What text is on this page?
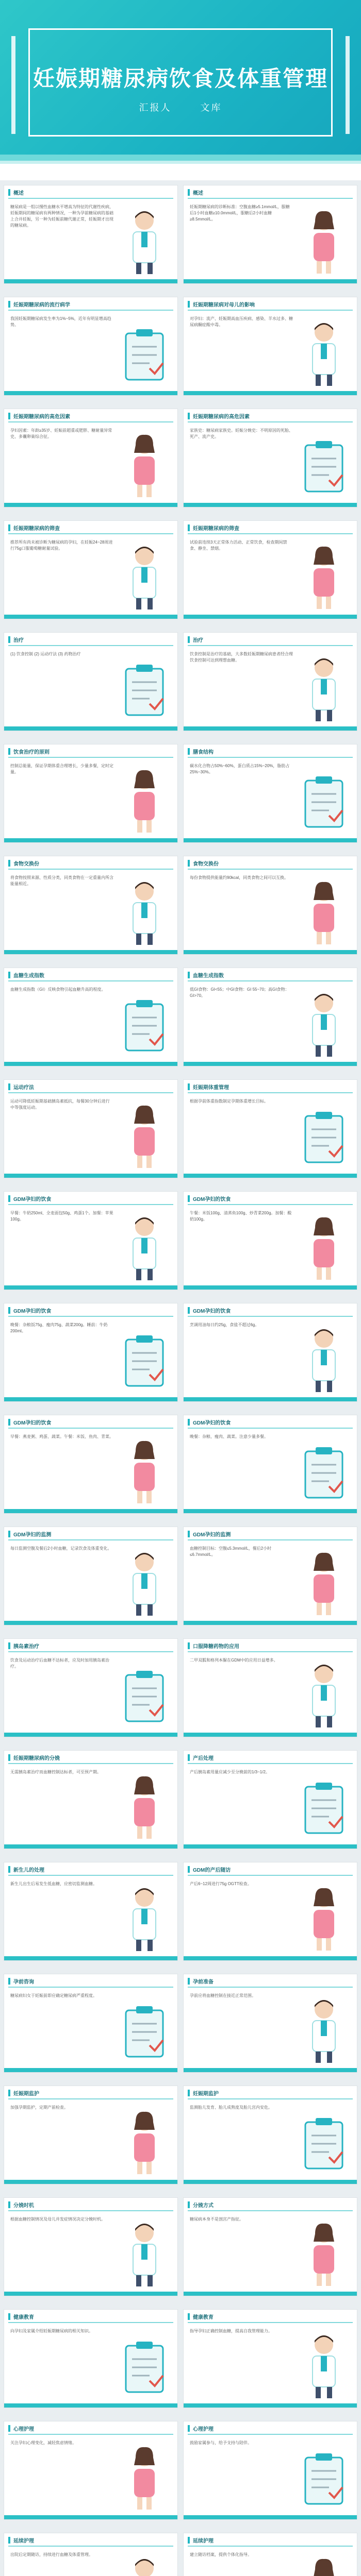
妊娠期糖尿病饮食及体重管理
汇报人	文库
概述

糖尿病是一组以慢性血糖水平增高为特征的代谢性疾病，妊娠期间的糖尿病有两种情况，一种为孕前糖尿病的基础上合并妊娠，另一种为妊娠前糖代谢正常，妊娠期才出现的糖尿病。

概述

妊娠期糖尿病的诊断标准：空腹血糖≥5.1mmol/L，服糖后1小时血糖≥10.0mmol/L，服糖后2小时血糖≥8.5mmol/L。

妊娠期糖尿病的流行病学

我国妊娠期糖尿病发生率为1%~5%，近年有明显增高趋势。

妊娠期糖尿病对母儿的影响

对孕妇：流产、妊娠期高血压疾病、感染、羊水过多、糖尿病酮症酸中毒。

妊娠期糖尿病的高危因素

孕妇因素：年龄≥35岁、妊娠前超重或肥胖、糖耐量异常史、多囊卵巢综合征。

妊娠期糖尿病的高危因素

家族史：糖尿病家族史。妊娠分娩史：不明原因的死胎、死产、流产史。

妊娠期糖尿病的筛查

推荐所有尚未被诊断为糖尿病的孕妇，在妊娠24~28周进行75g口服葡萄糖耐量试验。

妊娠期糖尿病的筛查

试验前连续3天正常体力活动、正常饮食，检查期间禁食、静坐、禁烟。

治疗

(1) 饮食控制 (2) 运动疗法 (3) 药物治疗

治疗

饮食控制是治疗的基础，大多数妊娠期糖尿病患者经合理饮食控制可达到理想血糖。

饮食治疗的原则

控制总能量，保证孕期体重合理增长，少量多餐，定时定量。

膳食结构

碳水化合物占50%~60%，蛋白质占15%~20%，脂肪占25%~30%。

食物交换份

将食物按照来源、性质分类，同类食物在一定重量内所含能量相近。

食物交换份

每份食物提供能量约90kcal，同类食物之间可以互换。

血糖生成指数

血糖生成指数（GI）反映食物引起血糖升高的程度。

血糖生成指数

低GI食物：GI<55；中GI食物：GI 55~70；高GI食物：GI>70。

运动疗法

运动可降低妊娠期基础胰岛素抵抗，每餐30分钟后进行中等强度运动。

妊娠期体重管理

根据孕前体重指数制定孕期体重增长目标。

GDM孕妇的饮食

早餐：牛奶250ml、全麦面包50g、鸡蛋1个。加餐：苹果100g。

GDM孕妇的饮食

午餐：米饭100g、清蒸鱼100g、炒青菜200g。加餐：酸奶100g。

GDM孕妇的饮食

晚餐：杂粮饭75g、瘦肉75g、蔬菜200g。睡前：牛奶200ml。

GDM孕妇的饮食

烹调用油每日约25g，食盐不超过6g。

GDM孕妇的饮食

早餐：燕麦粥、鸡蛋、蔬菜。午餐：米饭、鱼肉、青菜。

GDM孕妇的饮食

晚餐：杂粮、瘦肉、蔬菜。注意少量多餐。

GDM孕妇的监测

每日监测空腹及餐后2小时血糖，记录饮食及体重变化。

GDM孕妇的监测

血糖控制目标：空腹≤5.3mmol/L，餐后2小时≤6.7mmol/L。

胰岛素治疗

饮食及运动治疗后血糖不达标者，应及时加用胰岛素治疗。

口服降糖药物的应用

二甲双胍和格列本脲在GDM中的应用日益增多。

妊娠期糖尿病的分娩

无需胰岛素治疗而血糖控制达标者，可至预产期。

产后处理

产后胰岛素用量应减少至分娩前的1/3~1/2。

新生儿的处理

新生儿出生后易发生低血糖，应密切监测血糖。

GDM的产后随访

产后6~12周进行75g OGTT检查。

孕前咨询

糖尿病妇女于妊娠前即应确定糖尿病严重程度。

孕前准备

孕前应将血糖控制在接近正常范围。

妊娠期监护

加强孕期监护，定期产前检查。

妊娠期监护

监测胎儿发育、胎儿成熟度及胎儿宫内安危。

分娩时机

根据血糖控制情况及母儿并发症情况决定分娩时机。

分娩方式

糖尿病本身不是剖宫产指征。

健康教育

向孕妇及家属介绍妊娠期糖尿病的相关知识。

健康教育

指导孕妇正确控制血糖，提高自我管理能力。

心理护理

关注孕妇心理变化，减轻焦虑情绪。

心理护理

鼓励家属参与，给予支持与陪伴。

延续护理

出院后定期随访，持续进行血糖及体重管理。

延续护理

建立随访档案，提供个体化指导。
